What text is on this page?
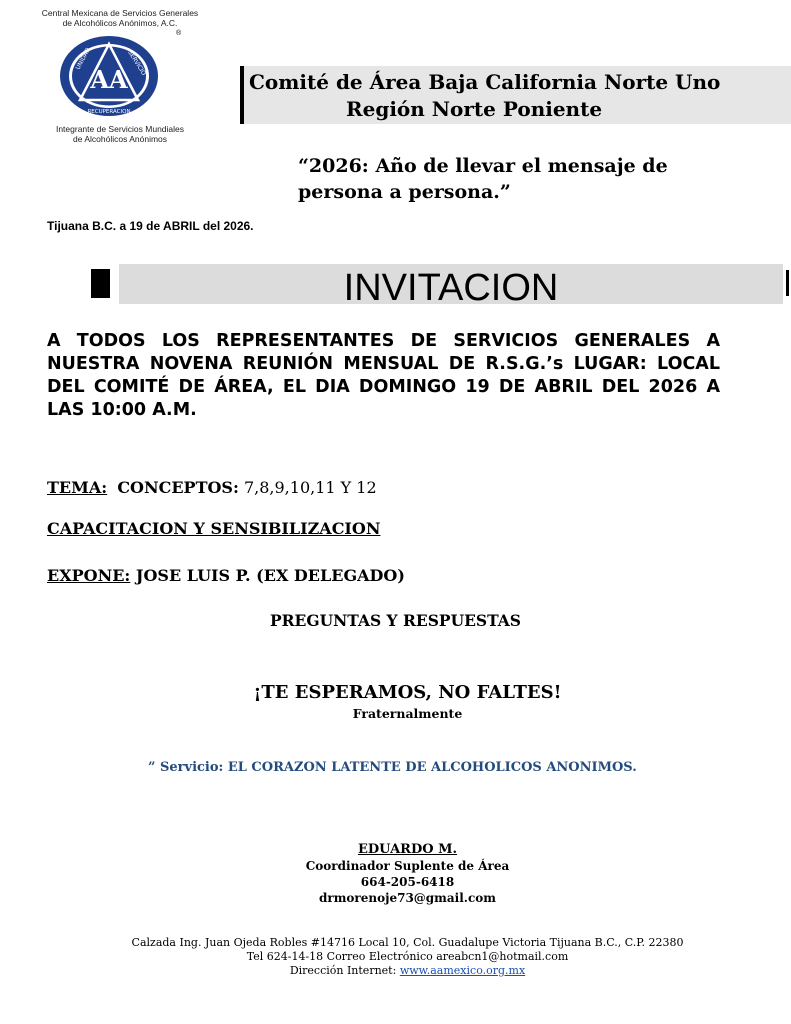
Central Mexicana de Servicios Generales
de Alcohólicos Anónimos, A.C.
®
AA
UNIDAD	SERVICIO
RECUPERACION
Integrante de Servicios Mundiales
de Alcohólicos Anónimos
Comité de Área Baja California Norte Uno
Región Norte Poniente
“2026: Año de llevar el mensaje de
persona a persona.”
Tijuana B.C. a 19 de ABRIL del 2026.
INVITACION
A TODOS LOS REPRESENTANTES DE SERVICIOS GENERALES A NUESTRA NOVENA REUNIÓN MENSUAL DE R.S.G.’s LUGAR: LOCAL DEL COMITÉ DE ÁREA, EL DIA DOMINGO 19 DE ABRIL DEL 2026 A LAS 10:00 A.M.
TEMA: CONCEPTOS: 7,8,9,10,11 Y 12
CAPACITACION Y SENSIBILIZACION
EXPONE: JOSE LUIS P. (EX DELEGADO)
PREGUNTAS Y RESPUESTAS
¡TE ESPERAMOS, NO FALTES!
Fraternalmente
” Servicio: EL CORAZON LATENTE DE ALCOHOLICOS ANONIMOS.
EDUARDO M.
Coordinador Suplente de Área
664-205-6418
drmorenoje73@gmail.com
Calzada Ing. Juan Ojeda Robles #14716 Local 10, Col. Guadalupe Victoria Tijuana B.C., C.P. 22380
Tel 624-14-18 Correo Electrónico areabcn1@hotmail.com
Dirección Internet: www.aamexico.org.mx
